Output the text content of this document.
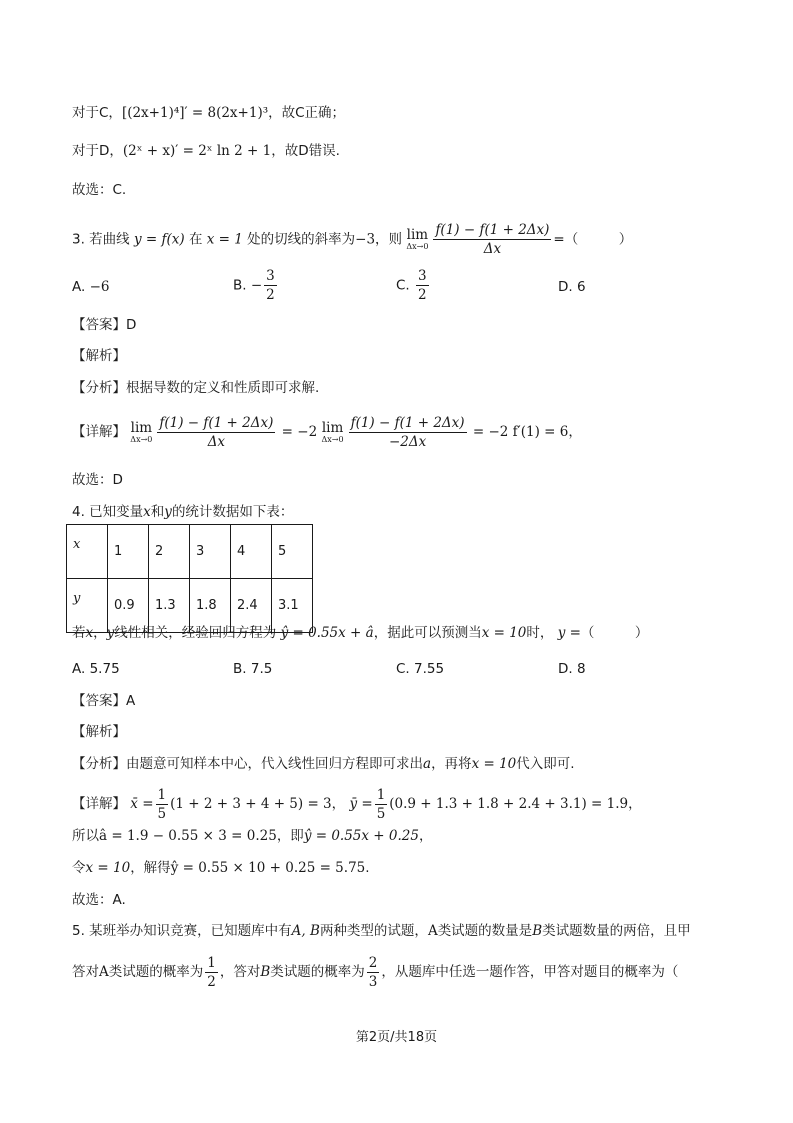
对于C，[(2x+1)⁴]′ = 8(2x+1)³，故C正确；
对于D，(2ˣ + x)′ = 2ˣ ln 2 + 1，故D错误.
故选：C.
3. 若曲线 y = f(x) 在 x = 1 处的切线的斜率为−3，则 lim
$\Delta x\to 0 \frac{f(1) - f(1 + 2\Delta x)}{\Delta x}$ =（　　　）
A. −6	B. − $\frac{3}{2}$	C. $\frac{3}{2}$	D. 6
【答案】D
【解析】
【分析】根据导数的定义和性质即可求解.
【详解】 lim
$\Delta x\to 0 \frac{f(1) - f(1 + 2\Delta x)}{\Delta x} = -2$ lim
$\Delta x\to 0 \frac{f(1) - f(1 + 2\Delta x)}{-2\Delta x} = -2$ f′(1) = 6，
故选：D
4. 已知变量x和y的统计数据如下表：
x	1	2	3	4	5
y	0.9	1.3	1.8	2.4	3.1
若x，y线性相关，经验回归方程为 ŷ = 0.55x + â，据此可以预测当x = 10时， y =（　　　）
A. 5.75	B. 7.5	C. 7.55	D. 8
【答案】A
【解析】
【分析】由题意可知样本中心，代入线性回归方程即可求出a，再将x = 10代入即可.
【详解】 x̄ = $\frac{1}{5} (1 + 2 + 3 + 4 + 5) = 3$， ȳ = $\frac{1}{5} (0.9 + 1.3 + 1.8 + 2.4 + 3.1) = 1.9$，
所以â = 1.9 − 0.55 × 3 = 0.25，即ŷ = 0.55x + 0.25，
令x = 10，解得ŷ = 0.55 × 10 + 0.25 = 5.75.
故选：A.
5. 某班举办知识竞赛，已知题库中有A, B两种类型的试题，A类试题的数量是B类试题数量的两倍，且甲
答对A类试题的概率为 $\frac{1}{2}$ ，答对B类试题的概率为 $\frac{2}{3}$ ，从题库中任选一题作答，甲答对题目的概率为（
第2页/共18页
